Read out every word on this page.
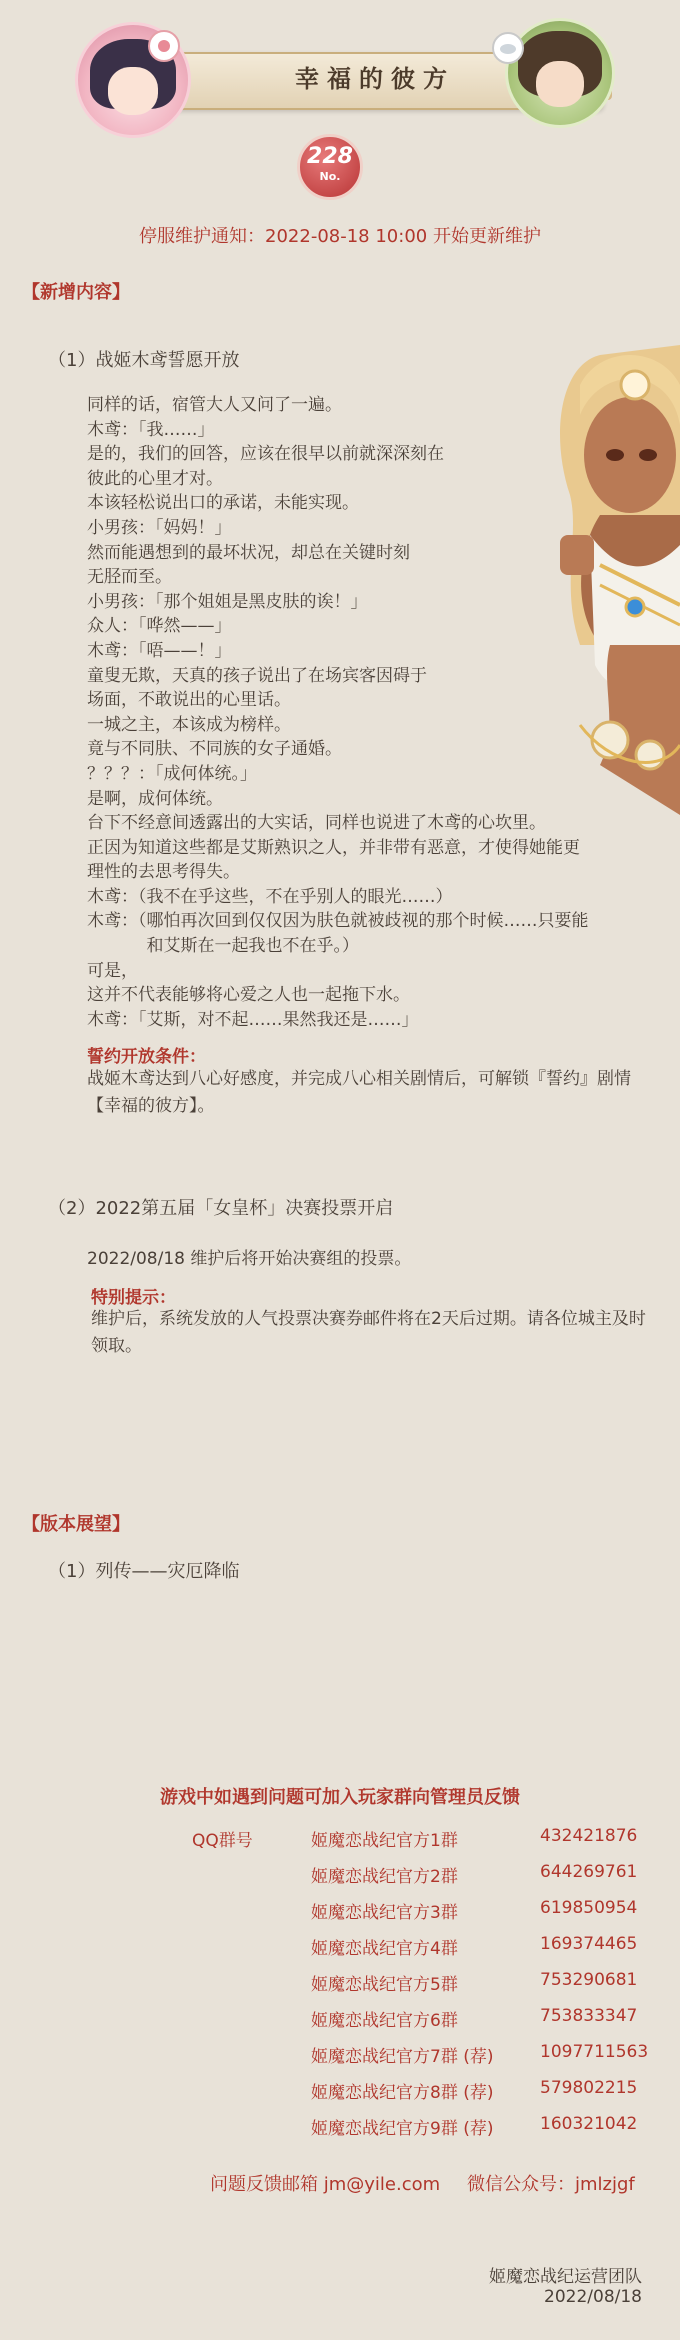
幸福的彼方
228
No.
停服维护通知：2022-08-18 10:00 开始更新维护
【新增内容】
（1）战姬木鸢誓愿开放
同样的话，宿管大人又问了一遍。
木鸢：「我……」
是的，我们的回答，应该在很早以前就深深刻在
彼此的心里才对。
本该轻松说出口的承诺，未能实现。
小男孩：「妈妈！」
然而能遇想到的最坏状况，却总在关键时刻
无胫而至。
小男孩：「那个姐姐是黑皮肤的诶！」
众人：「哗然——」
木鸢：「唔——！」
童叟无欺，天真的孩子说出了在场宾客因碍于
场面，不敢说出的心里话。
一城之主，本该成为榜样。
竟与不同肤、不同族的女子通婚。
？？？：「成何体统。」
是啊，成何体统。
台下不经意间透露出的大实话，同样也说进了木鸢的心坎里。
正因为知道这些都是艾斯熟识之人，并非带有恶意，才使得她能更
理性的去思考得失。
木鸢：（我不在乎这些，不在乎别人的眼光……）
木鸢：（哪怕再次回到仅仅因为肤色就被歧视的那个时候……只要能
和艾斯在一起我也不在乎。）
可是，
这并不代表能够将心爱之人也一起拖下水。
木鸢：「艾斯，对不起……果然我还是……」
誓约开放条件：
战姬木鸢达到八心好感度，并完成八心相关剧情后，可解锁『誓约』剧情【幸福的彼方】。
（2）2022第五届「女皇杯」决赛投票开启
2022/08/18 维护后将开始决赛组的投票。
特别提示：
维护后，系统发放的人气投票决赛券邮件将在2天后过期。请各位城主及时领取。
【版本展望】
（1）列传——灾厄降临
游戏中如遇到问题可加入玩家群向管理员反馈
QQ群号	姬魔恋战纪官方1群	432421876
姬魔恋战纪官方2群	644269761
姬魔恋战纪官方3群	619850954
姬魔恋战纪官方4群	169374465
姬魔恋战纪官方5群	753290681
姬魔恋战纪官方6群	753833347
姬魔恋战纪官方7群 (荐)	1097711563
姬魔恋战纪官方8群 (荐)	579802215
姬魔恋战纪官方9群 (荐)	160321042
问题反馈邮箱 jm@yile.com 微信公众号：jmlzjgf
姬魔恋战纪运营团队
2022/08/18
